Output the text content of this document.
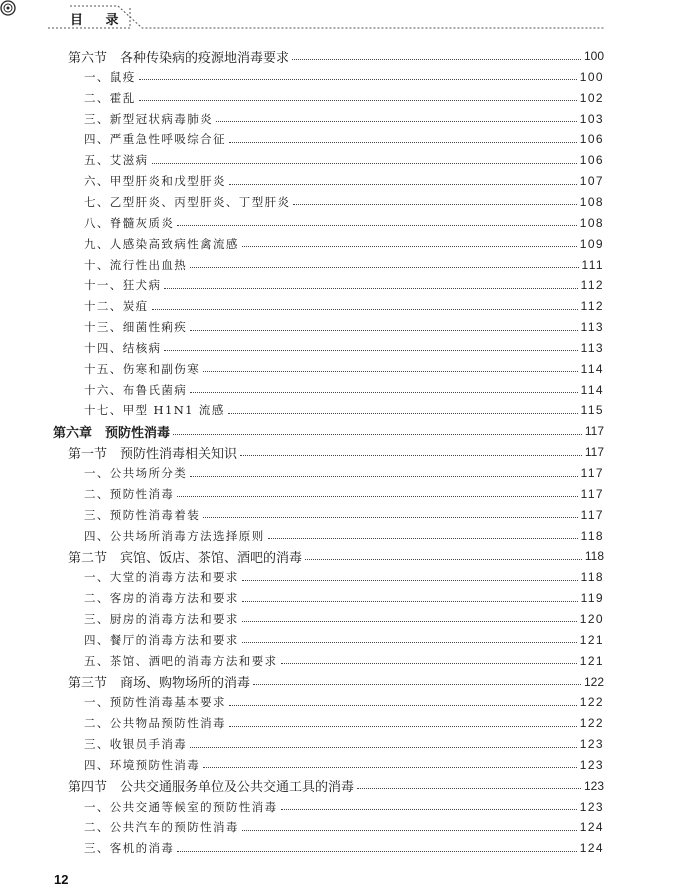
目 录
第六节　各种传染病的疫源地消毒要求	100
一、鼠疫	100
二、霍乱	102
三、新型冠状病毒肺炎	103
四、严重急性呼吸综合征	106
五、艾滋病	106
六、甲型肝炎和戊型肝炎	107
七、乙型肝炎、丙型肝炎、丁型肝炎	108
八、脊髓灰质炎	108
九、人感染高致病性禽流感	109
十、流行性出血热	111
十一、狂犬病	112
十二、炭疽	112
十三、细菌性痢疾	113
十四、结核病	113
十五、伤寒和副伤寒	114
十六、布鲁氏菌病	114
十七、甲型 H1N1 流感	115
第六章　预防性消毒	117
第一节　预防性消毒相关知识	117
一、公共场所分类	117
二、预防性消毒	117
三、预防性消毒着装	117
四、公共场所消毒方法选择原则	118
第二节　宾馆、饭店、茶馆、酒吧的消毒	118
一、大堂的消毒方法和要求	118
二、客房的消毒方法和要求	119
三、厨房的消毒方法和要求	120
四、餐厅的消毒方法和要求	121
五、茶馆、酒吧的消毒方法和要求	121
第三节　商场、购物场所的消毒	122
一、预防性消毒基本要求	122
二、公共物品预防性消毒	122
三、收银员手消毒	123
四、环境预防性消毒	123
第四节　公共交通服务单位及公共交通工具的消毒	123
一、公共交通等候室的预防性消毒	123
二、公共汽车的预防性消毒	124
三、客机的消毒	124
12
